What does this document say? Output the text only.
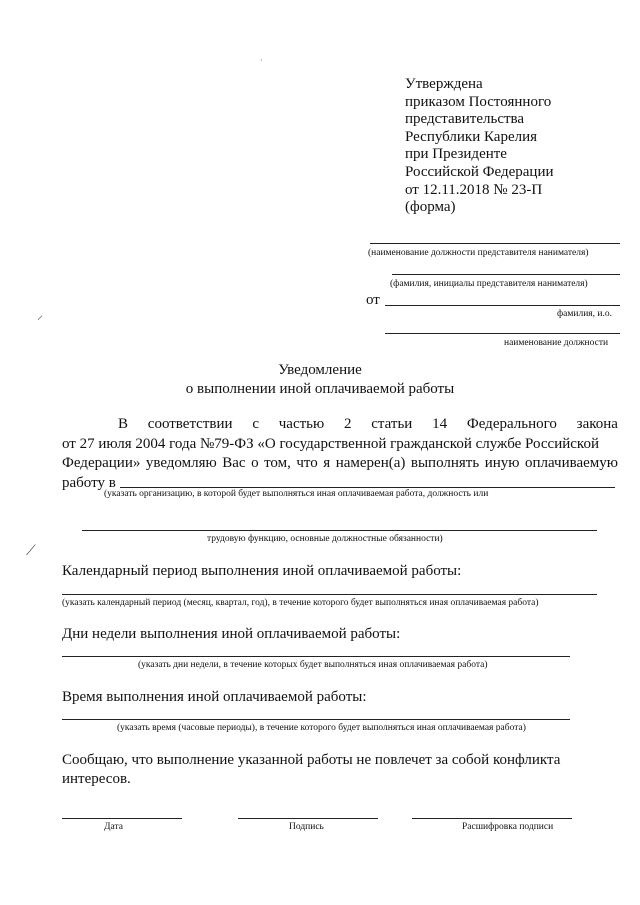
Утверждена
приказом Постоянного
представительства
Республики Карелия
при Президенте
Российской Федерации
от 12.11.2018 № 23-П
(форма)
(наименование должности представителя нанимателя)
(фамилия, инициалы представителя нанимателя)
от
фамилия, и.о.
наименование должности
Уведомление
о выполнении иной оплачиваемой работы
В соответствии с частью 2 статьи 14 Федерального закона
от 27 июля 2004 года №79-ФЗ «О государственной гражданской службе Российской
Федерации» уведомляю Вас о том, что я намерен(а) выполнять иную оплачиваемую
работу в
(указать организацию, в которой будет выполняться иная оплачиваемая работа, должность или
трудовую функцию, основные должностные обязанности)
Календарный период выполнения иной оплачиваемой работы:
(указать календарный период (месяц, квартал, год), в течение которого будет выполняться иная оплачиваемая работа)
Дни недели выполнения иной оплачиваемой работы:
(указать дни недели, в течение которых будет выполняться иная оплачиваемая работа)
Время выполнения иной оплачиваемой работы:
(указать время (часовые периоды), в течение которого будет выполняться иная оплачиваемая работа)
Сообщаю, что выполнение указанной работы не повлечет за собой конфликта
интересов.
Дата	Подпись	Расшифровка подписи
⸝
⟋
·
